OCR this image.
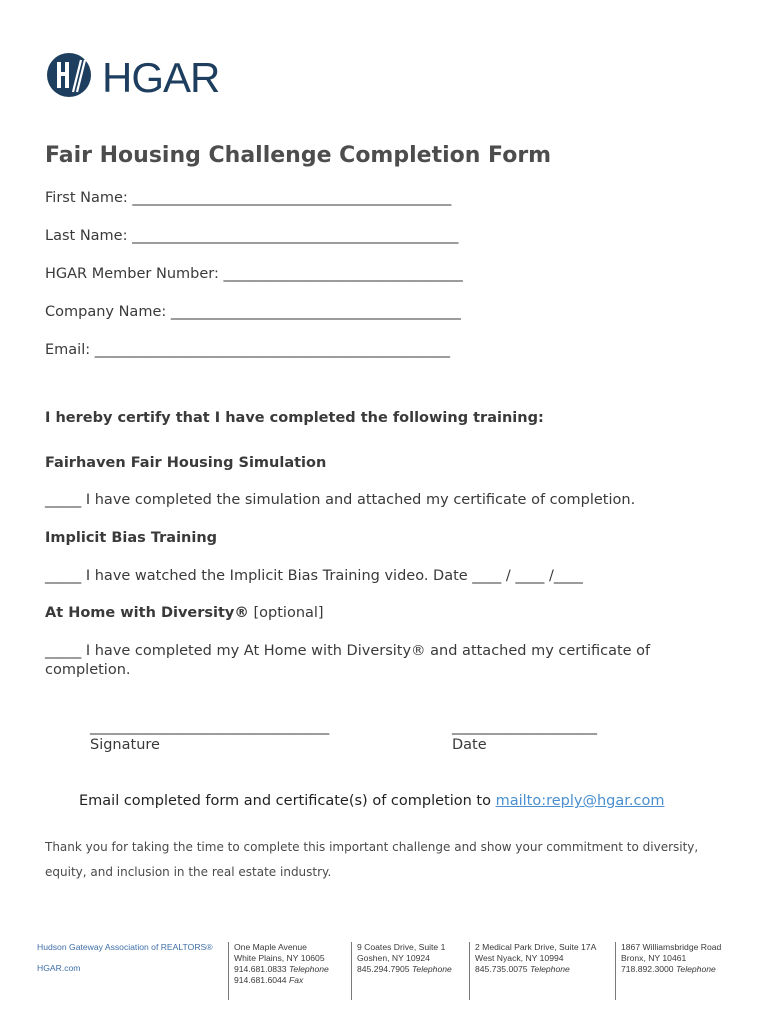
HGAR
Fair Housing Challenge Completion Form
First Name: ____________________________________________
Last Name: _____________________________________________
HGAR Member Number: _________________________________
Company Name: ________________________________________
Email: _________________________________________________
I hereby certify that I have completed the following training:
Fairhaven Fair Housing Simulation
_____ I have completed the simulation and attached my certificate of completion.
Implicit Bias Training
_____ I have watched the Implicit Bias Training video. Date ____ / ____ /____
At Home with Diversity® [optional]
_____ I have completed my At Home with Diversity® and attached my certificate of
completion.
_________________________________
Signature
____________________
Date
Email completed form and certificate(s) of completion to mailto:reply@hgar.com
Thank you for taking the time to complete this important challenge and show your commitment to diversity,
equity, and inclusion in the real estate industry.
Hudson Gateway Association of REALTORS®
HGAR.com
One Maple Avenue
White Plains, NY 10605
914.681.0833 Telephone
914.681.6044 Fax
9 Coates Drive, Suite 1
Goshen, NY 10924
845.294.7905 Telephone
2 Medical Park Drive, Suite 17A
West Nyack, NY 10994
845.735.0075 Telephone
1867 Williamsbridge Road
Bronx, NY 10461
718.892.3000 Telephone
